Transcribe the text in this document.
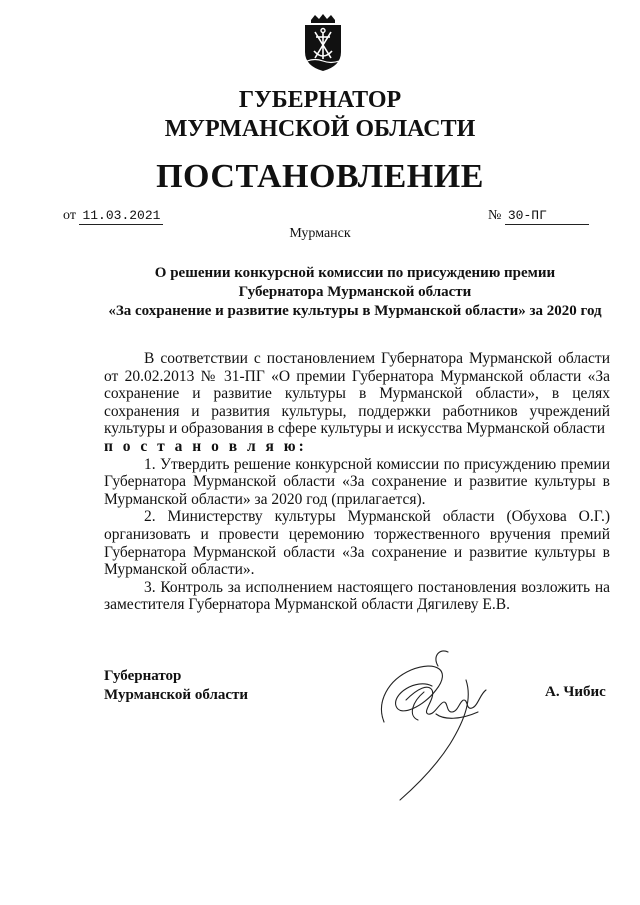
ГУБЕРНАТОР
МУРМАНСКОЙ ОБЛАСТИ
ПОСТАНОВЛЕНИЕ
от 11.03.2021	№ 30-ПГ
Мурманск
О решении конкурсной комиссии по присуждению премии
Губернатора Мурманской области
«За сохранение и развитие культуры в Мурманской области» за 2020 год

В соответствии с постановлением Губернатора Мурманской области от 20.02.2013 № 31-ПГ «О премии Губернатора Мурманской области «За сохранение и развитие культуры в Мурманской области», в целях сохранения и развития культуры, поддержки работников учреждений культуры и образования в сфере культуры и искусства Мурманской области

п о с т а н о в л я ю:

1. Утвердить решение конкурсной комиссии по присуждению премии Губернатора Мурманской области «За сохранение и развитие культуры в Мурманской области» за 2020 год (прилагается).

2. Министерству культуры Мурманской области (Обухова О.Г.) организовать и провести церемонию торжественного вручения премий Губернатора Мурманской области «За сохранение и развитие культуры в Мурманской области».

3. Контроль за исполнением настоящего постановления возложить на заместителя Губернатора Мурманской области Дягилеву Е.В.

Губернатор
Мурманской области	А. Чибис
